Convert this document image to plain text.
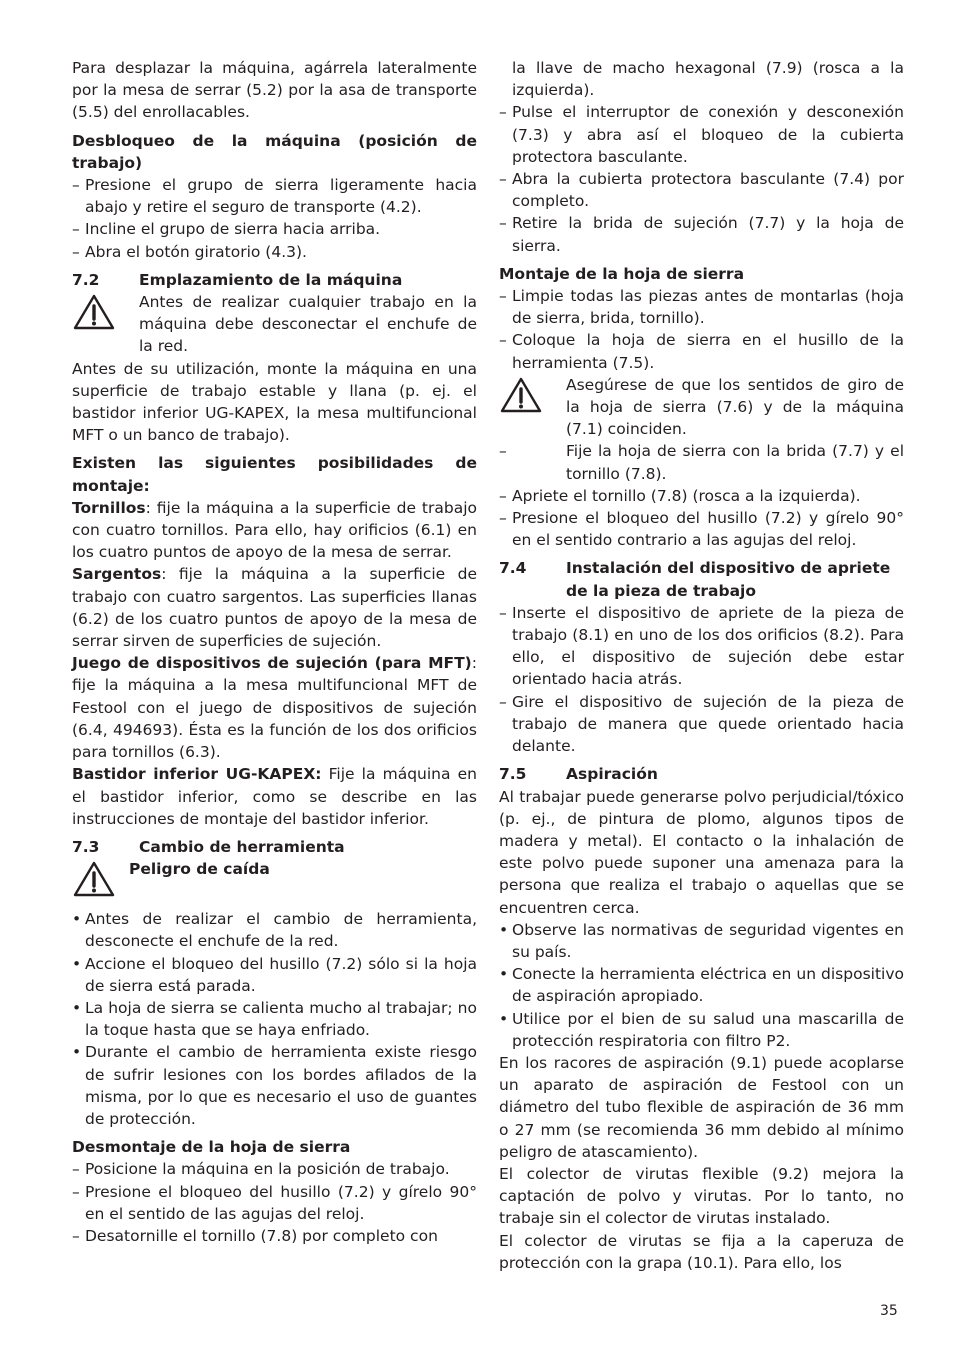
Para desplazar la máquina, agárrela lateralmente por la mesa de serrar (5.2) por la asa de transporte (5.5) del enrollacables.

Desbloqueo de la máquina (posición de trabajo)

– Presione el grupo de sierra ligeramente hacia abajo y retire el seguro de transporte (4.2).
– Incline el grupo de sierra hacia arriba.
– Abra el botón giratorio (4.3).
7.2	Emplazamiento de la máquina
Antes de realizar cualquier trabajo en la máquina debe desconectar el enchufe de la red.

Antes de su utilización, monte la máquina en una superficie de trabajo estable y llana (p. ej. el bastidor inferior UG-KAPEX, la mesa multifuncional MFT o un banco de trabajo).

Existen las siguientes posibilidades de montaje:

Tornillos: fije la máquina a la superficie de trabajo con cuatro tornillos. Para ello, hay orificios (6.1) en los cuatro puntos de apoyo de la mesa de serrar.

Sargentos: fije la máquina a la superficie de trabajo con cuatro sargentos. Las superficies llanas (6.2) de los cuatro puntos de apoyo de la mesa de serrar sirven de superficies de sujeción.

Juego de dispositivos de sujeción (para MFT): fije la máquina a la mesa multifuncional MFT de Festool con el juego de dispositivos de sujeción (6.4, 494693). Ésta es la función de los dos orificios para tornillos (6.3).

Bastidor inferior UG-KAPEX: Fije la máquina en el bastidor inferior, como se describe en las instrucciones de montaje del bastidor inferior.

7.3	Cambio de herramienta
Peligro de caída
• Antes de realizar el cambio de herramienta, desconecte el enchufe de la red.
• Accione el bloqueo del husillo (7.2) sólo si la hoja de sierra está parada.
• La hoja de sierra se calienta mucho al trabajar; no la toque hasta que se haya enfriado.
• Durante el cambio de herramienta existe riesgo de sufrir lesiones con los bordes afilados de la misma, por lo que es necesario el uso de guantes de protección.

Desmontaje de la hoja de sierra

– Posicione la máquina en la posición de trabajo.
– Presione el bloqueo del husillo (7.2) y gírelo 90° en el sentido de las agujas del reloj.
– Desatornille el tornillo (7.8) por completo con

la llave de macho hexagonal (7.9) (rosca a la izquierda).

– Pulse el interruptor de conexión y desconexión (7.3) y abra así el bloqueo de la cubierta protectora basculante.
– Abra la cubierta protectora basculante (7.4) por completo.
– Retire la brida de sujeción (7.7) y la hoja de sierra.

Montaje de la hoja de sierra

– Limpie todas las piezas antes de montarlas (hoja de sierra, brida, tornillo).
– Coloque la hoja de sierra en el husillo de la herramienta (7.5).
Asegúrese de que los sentidos de giro de la hoja de sierra (7.6) y de la máquina (7.1) coinciden.
–	Fije la hoja de sierra con la brida (7.7) y el tornillo (7.8).
– Apriete el tornillo (7.8) (rosca a la izquierda).
– Presione el bloqueo del husillo (7.2) y gírelo 90° en el sentido contrario a las agujas del reloj.
7.4	Instalación del dispositivo de apriete de la pieza de trabajo
– Inserte el dispositivo de apriete de la pieza de trabajo (8.1) en uno de los dos orificios (8.2). Para ello, el dispositivo de sujeción debe estar orientado hacia atrás.
– Gire el dispositivo de sujeción de la pieza de trabajo de manera que quede orientado hacia delante.
7.5	Aspiración

Al trabajar puede generarse polvo perjudicial/tóxico (p. ej., de pintura de plomo, algunos tipos de madera y metal). El contacto o la inhalación de este polvo puede suponer una amenaza para la persona que realiza el trabajo o aquellas que se encuentren cerca.

• Observe las normativas de seguridad vigentes en su país.
• Conecte la herramienta eléctrica en un dispositivo de aspiración apropiado.
• Utilice por el bien de su salud una mascarilla de protección respiratoria con filtro P2.

En los racores de aspiración (9.1) puede acoplarse un aparato de aspiración de Festool con un diámetro del tubo flexible de aspiración de 36 mm o 27 mm (se recomienda 36 mm debido al mínimo peligro de atascamiento).

El colector de virutas flexible (9.2) mejora la captación de polvo y virutas. Por lo tanto, no trabaje sin el colector de virutas instalado.

El colector de virutas se fija a la caperuza de protección con la grapa (10.1). Para ello, los

35
